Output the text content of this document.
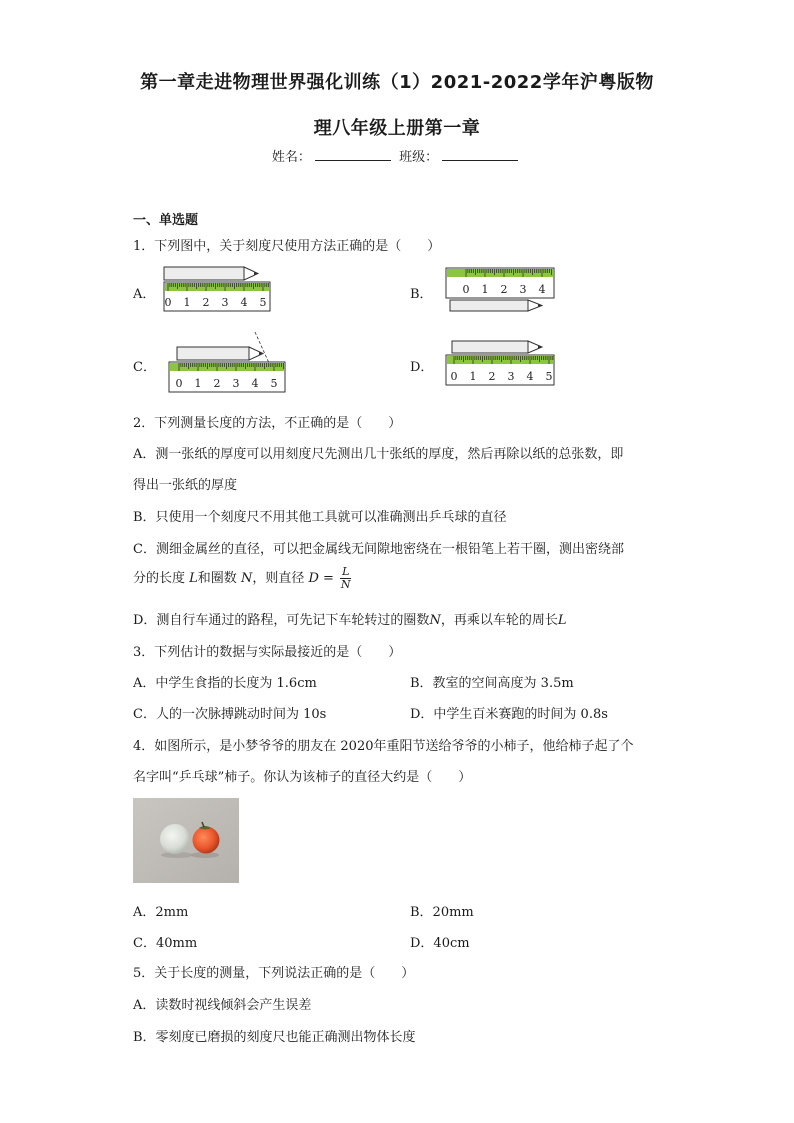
第一章走进物理世界强化训练（1）2021-2022学年沪粤版物
理八年级上册第一章
姓名：	班级：
一、单选题
1．下列图中，关于刻度尺使用方法正确的是（　　）
A．	B．
C．	D．
0 1 2 3 4 5
0 1 2 3 4
0 1 2 3 4 5
0 1 2 3 4 5
2．下列测量长度的方法，不正确的是（　　）
A．测一张纸的厚度可以用刻度尺先测出几十张纸的厚度，然后再除以纸的总张数，即
得出一张纸的厚度
B．只使用一个刻度尺不用其他工具就可以准确测出乒乓球的直径
C．测细金属丝的直径，可以把金属线无间隙地密绕在一根铅笔上若干圈，测出密绕部
分的长度 L和圈数 N，则直径 $D = \frac{L}{N}$
D．测自行车通过的路程，可先记下车轮转过的圈数N，再乘以车轮的周长L
3．下列估计的数据与实际最接近的是（　　）
A．中学生食指的长度为 1.6cm	B．教室的空间高度为 3.5m
C．人的一次脉搏跳动时间为 10s	D．中学生百米赛跑的时间为 0.8s
4．如图所示，是小梦爷爷的朋友在 2020年重阳节送给爷爷的小柿子，他给柿子起了个
名字叫“乒乓球”柿子。你认为该柿子的直径大约是（　　）
A．2mm	B．20mm
C．40mm	D．40cm
5．关于长度的测量，下列说法正确的是（　　）
A．读数时视线倾斜会产生误差
B．零刻度已磨损的刻度尺也能正确测出物体长度
